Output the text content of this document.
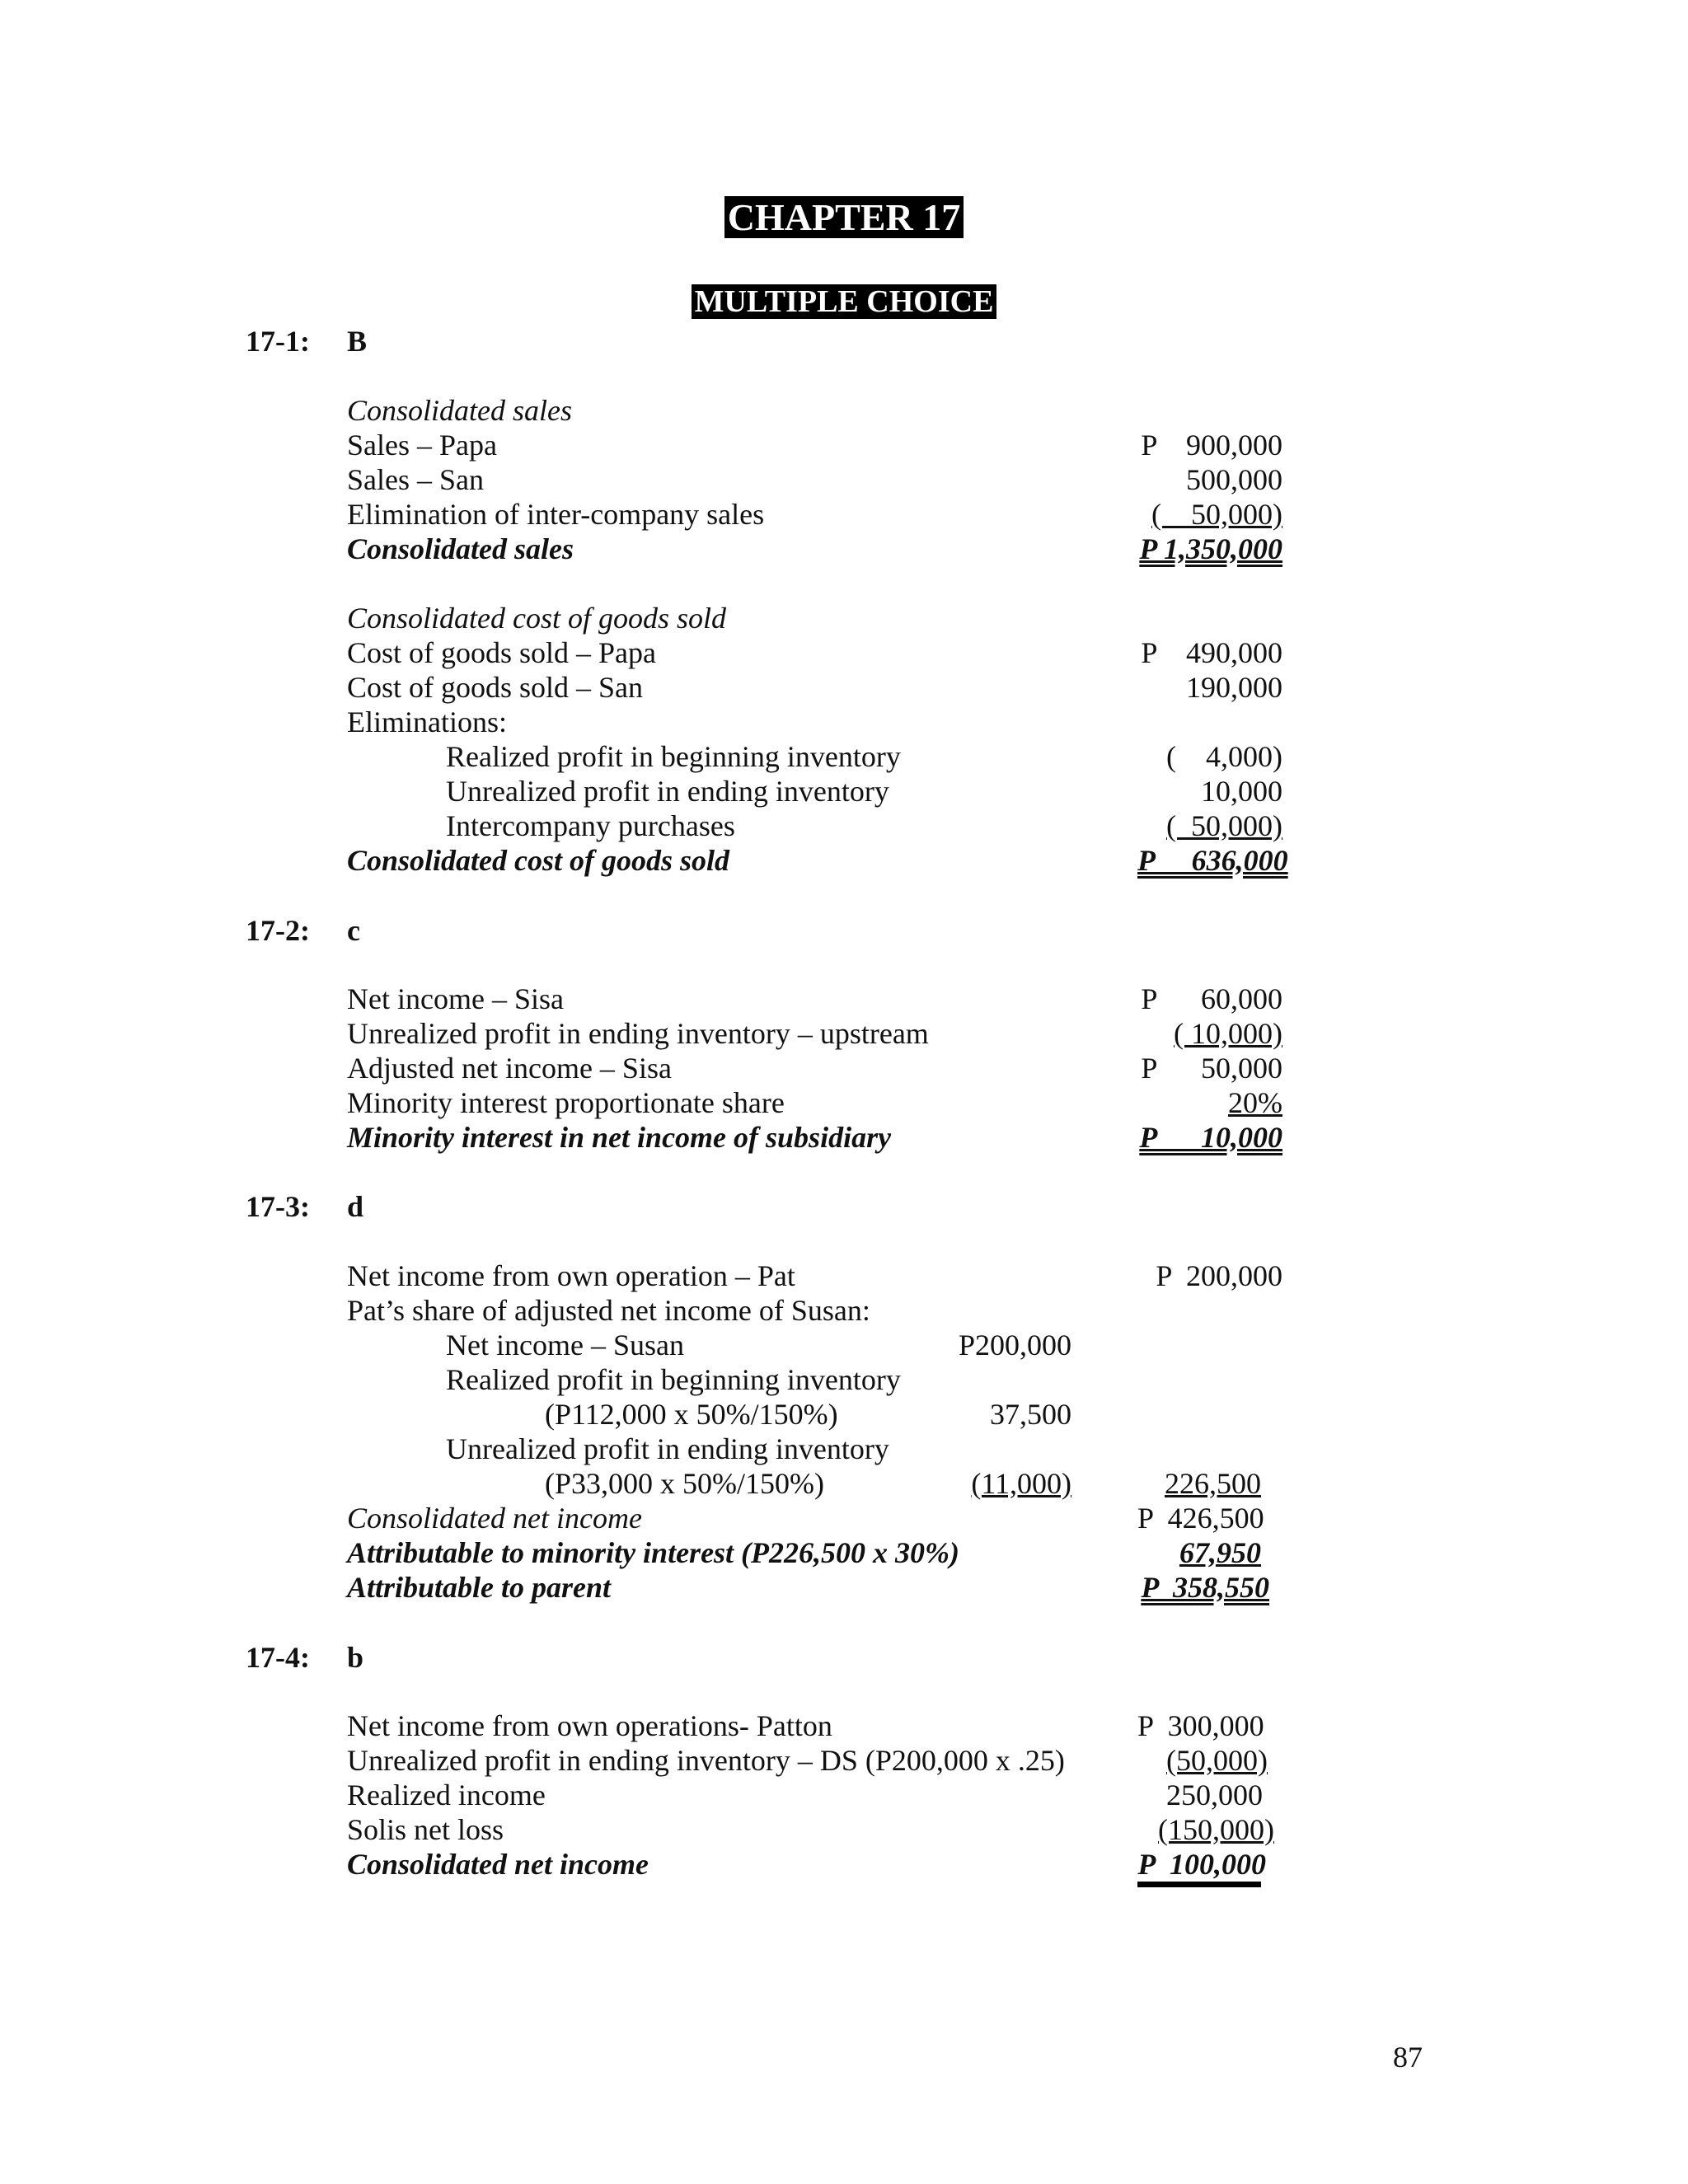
CHAPTER 17
MULTIPLE CHOICE
17-1: B
Consolidated sales
Sales – Papa	P    900,000
Sales – San	500,000
Elimination of inter-company sales	(    50,000)
Consolidated sales	P 1,350,000
Consolidated cost of goods sold
Cost of goods sold – Papa	P    490,000
Cost of goods sold – San	190,000
Eliminations:
Realized profit in beginning inventory	(    4,000)
Unrealized profit in ending inventory	10,000
Intercompany purchases	(  50,000)
Consolidated cost of goods sold	P     636,000
17-2: c
Net income – Sisa	P      60,000
Unrealized profit in ending inventory – upstream	( 10,000)
Adjusted net income – Sisa	P      50,000
Minority interest proportionate share	20%
Minority interest in net income of subsidiary	P      10,000
17-3: d
Net income from own operation – Pat	P  200,000
Pat’s share of adjusted net income of Susan:
Net income – Susan	P200,000
Realized profit in beginning inventory
(P112,000 x 50%/150%)	37,500
Unrealized profit in ending inventory
(P33,000 x 50%/150%)	(11,000)	226,500
Consolidated net income	P  426,500
Attributable to minority interest (P226,500 x 30%)	67,950
Attributable to parent	P  358,550
17-4: b
Net income from own operations- Patton	P  300,000
Unrealized profit in ending inventory – DS (P200,000 x .25)	(50,000)
Realized income	250,000
Solis net loss	(150,000)
Consolidated net income	P  100,000
87
